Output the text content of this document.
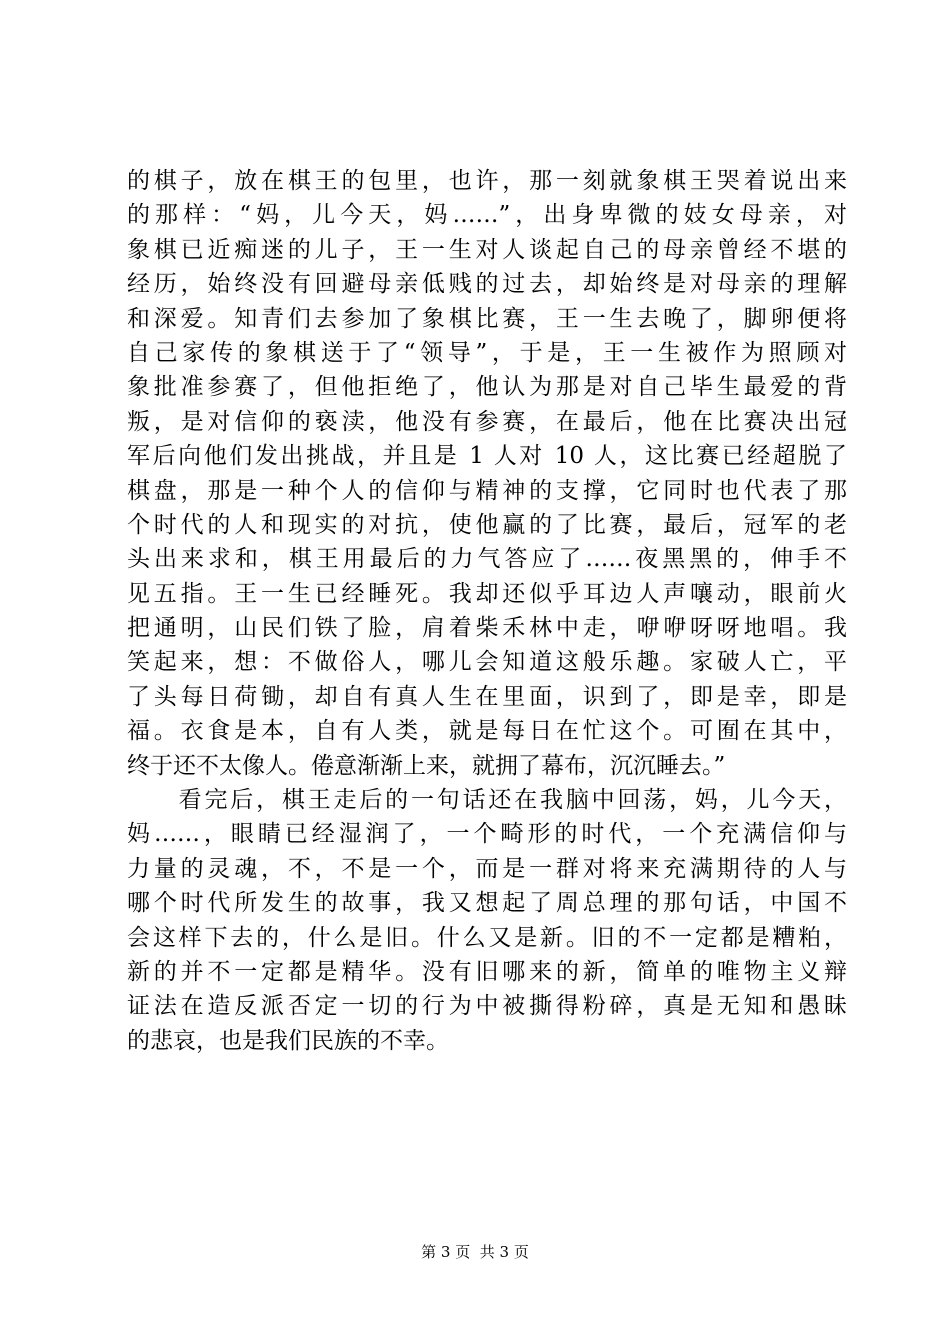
的棋子，放在棋王的包里，也许，那一刻就象棋王哭着说出来
的那样：“妈，儿今天，妈……”，出身卑微的妓女母亲，对
象棋已近痴迷的儿子，王一生对人谈起自己的母亲曾经不堪的
经历，始终没有回避母亲低贱的过去，却始终是对母亲的理解
和深爱。知青们去参加了象棋比赛，王一生去晚了，脚卵便将
自己家传的象棋送于了“领导”，于是，王一生被作为照顾对
象批准参赛了，但他拒绝了，他认为那是对自己毕生最爱的背
叛，是对信仰的亵渎，他没有参赛，在最后，他在比赛决出冠
军后向他们发出挑战，并且是 1 人对 10 人，这比赛已经超脱了
棋盘，那是一种个人的信仰与精神的支撑，它同时也代表了那
个时代的人和现实的对抗，使他赢的了比赛，最后，冠军的老
头出来求和，棋王用最后的力气答应了……夜黑黑的，伸手不
见五指。王一生已经睡死。我却还似乎耳边人声嚷动，眼前火
把通明，山民们铁了脸，肩着柴禾林中走，咿咿呀呀地唱。我
笑起来，想：不做俗人，哪儿会知道这般乐趣。家破人亡，平
了头每日荷锄，却自有真人生在里面，识到了，即是幸，即是
福。衣食是本，自有人类，就是每日在忙这个。可囿在其中，
终于还不太像人。倦意渐渐上来，就拥了幕布，沉沉睡去。”
　　看完后，棋王走后的一句话还在我脑中回荡，妈，儿今天，
妈……，眼睛已经湿润了，一个畸形的时代，一个充满信仰与
力量的灵魂，不，不是一个，而是一群对将来充满期待的人与
哪个时代所发生的故事，我又想起了周总理的那句话，中国不
会这样下去的，什么是旧。什么又是新。旧的不一定都是糟粕，
新的并不一定都是精华。没有旧哪来的新，简单的唯物主义辩
证法在造反派否定一切的行为中被撕得粉碎，真是无知和愚昧
的悲哀，也是我们民族的不幸。
第 3 页  共 3 页
